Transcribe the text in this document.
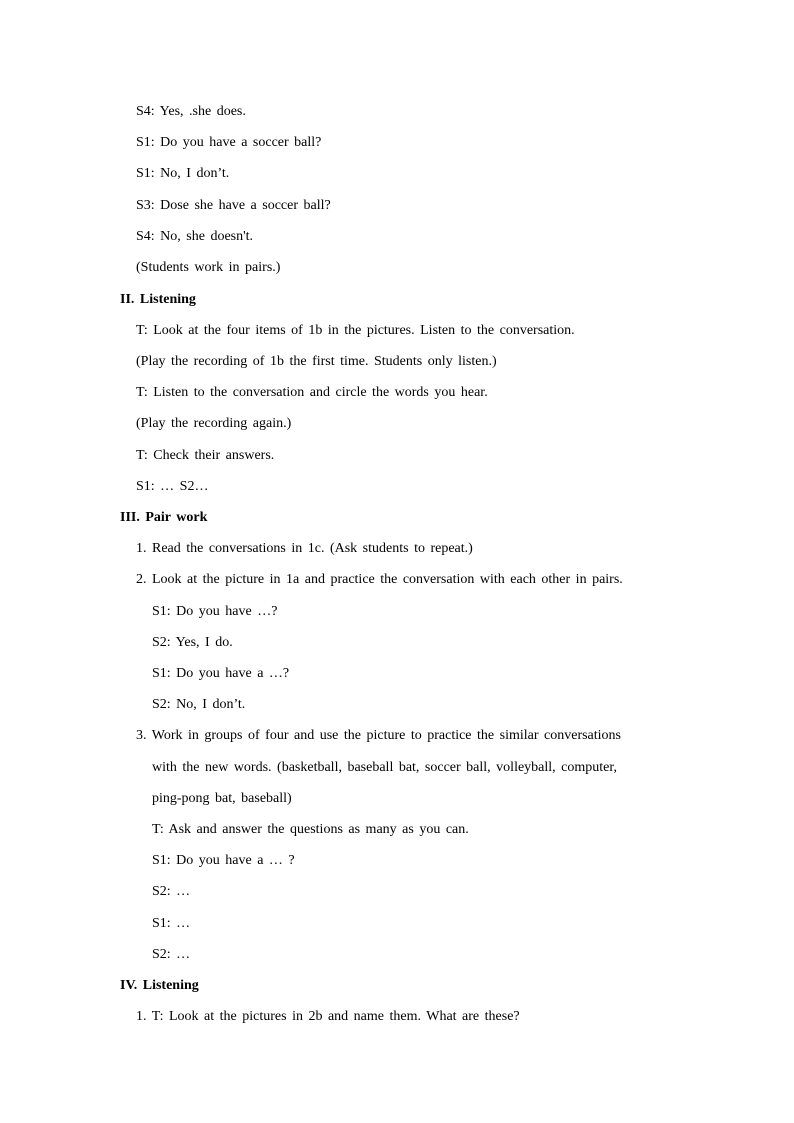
S4: Yes, .she does.
S1: Do you have a soccer ball?
S1: No, I don’t.
S3: Dose she have a soccer ball?
S4: No, she doesn't.
(Students work in pairs.)
II. Listening
T: Look at the four items of 1b in the pictures. Listen to the conversation.
(Play the recording of 1b the first time. Students only listen.)
T: Listen to the conversation and circle the words you hear.
(Play the recording again.)
T: Check their answers.
S1: … S2…
III. Pair work
1. Read the conversations in 1c. (Ask students to repeat.)
2. Look at the picture in 1a and practice the conversation with each other in pairs.
S1: Do you have …?
S2: Yes, I do.
S1: Do you have a …?
S2: No, I don’t.
3. Work in groups of four and use the picture to practice the similar conversations
with the new words. (basketball, baseball bat, soccer ball, volleyball, computer,
ping-pong bat, baseball)
T: Ask and answer the questions as many as you can.
S1: Do you have a … ?
S2: …
S1: …
S2: …
IV. Listening
1. T: Look at the pictures in 2b and name them. What are these?
